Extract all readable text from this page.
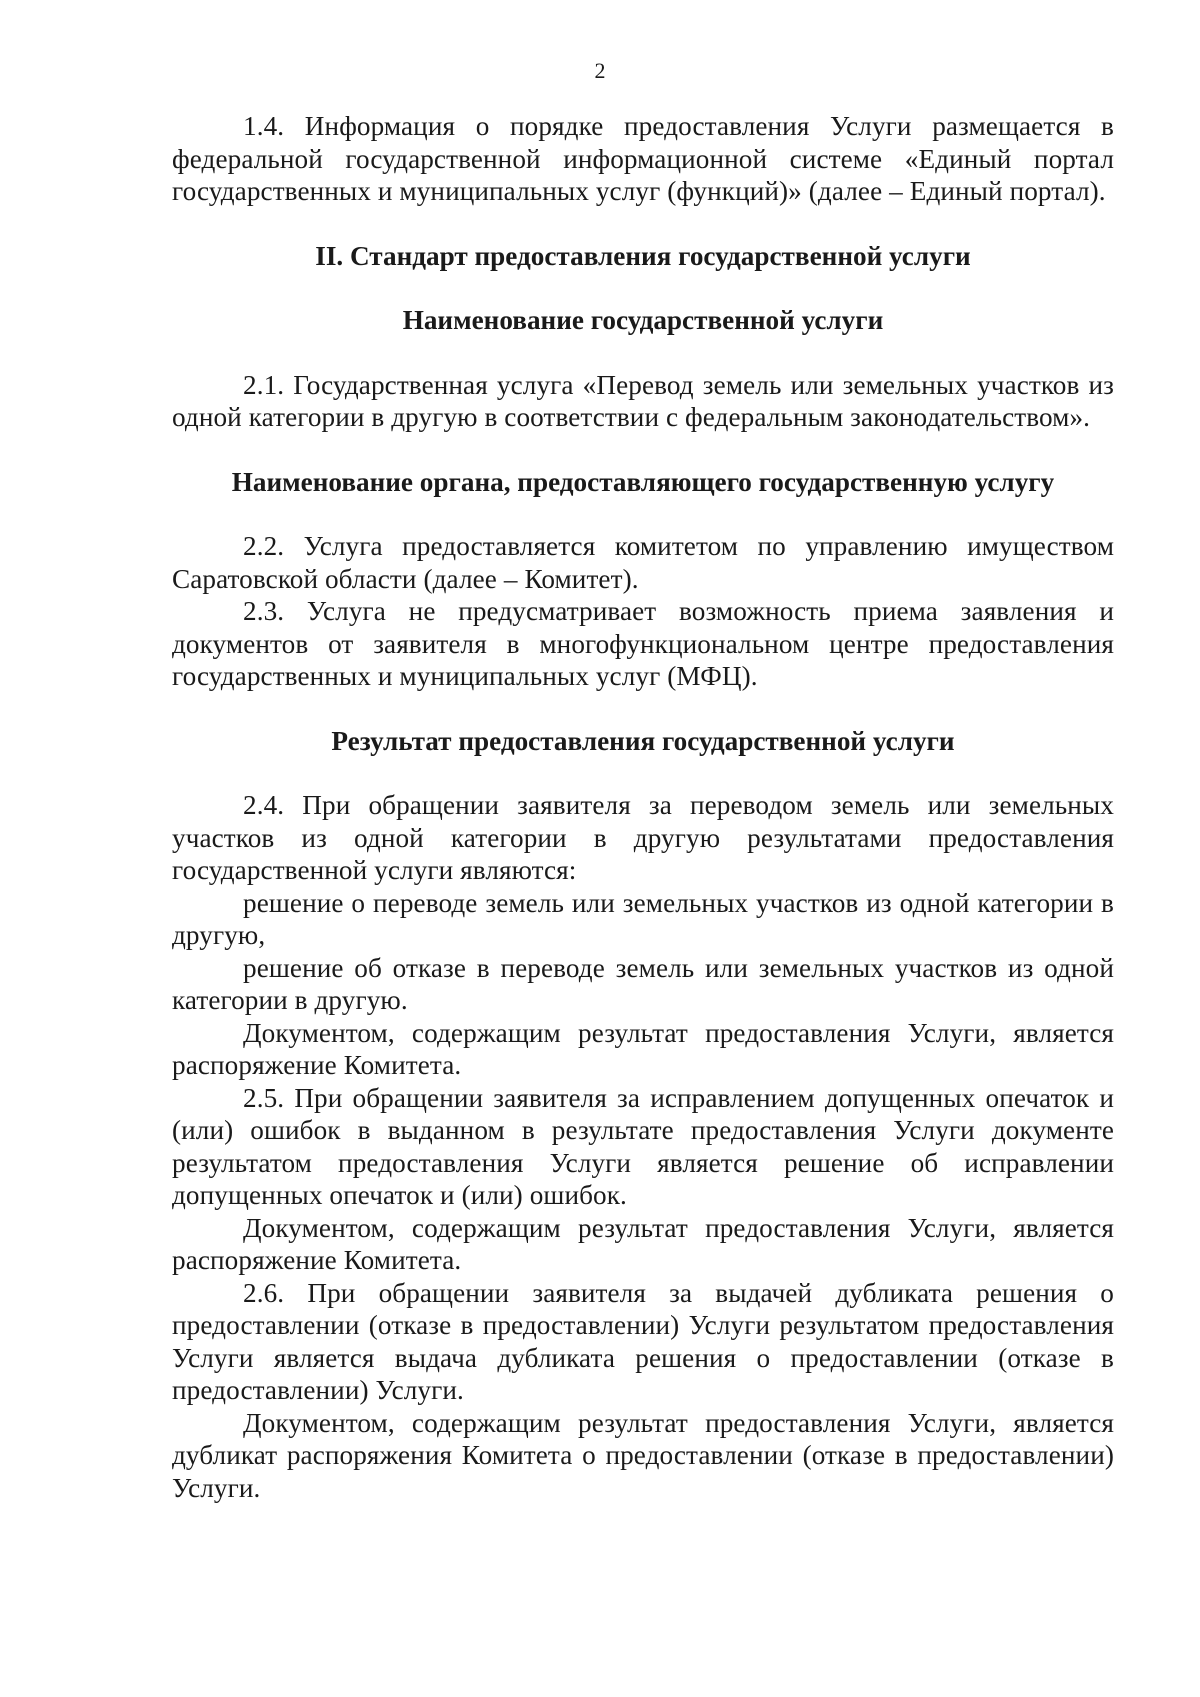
2

1.4. Информация о порядке предоставления Услуги размещается в федеральной государственной информационной системе «Единый портал государственных и муниципальных услуг (функций)» (далее – Единый портал).

II. Стандарт предоставления государственной услуги

Наименование государственной услуги

2.1. Государственная услуга «Перевод земель или земельных участков из одной категории в другую в соответствии с федеральным законодательством».

Наименование органа, предоставляющего государственную услугу

2.2. Услуга предоставляется комитетом по управлению имуществом Саратовской области (далее – Комитет).

2.3. Услуга не предусматривает возможность приема заявления и документов от заявителя в многофункциональном центре предоставления государственных и муниципальных услуг (МФЦ).

Результат предоставления государственной услуги

2.4. При обращении заявителя за переводом земель или земельных участков из одной категории в другую результатами предоставления государственной услуги являются:

решение о переводе земель или земельных участков из одной категории в другую,

решение об отказе в переводе земель или земельных участков из одной категории в другую.

Документом, содержащим результат предоставления Услуги, является распоряжение Комитета.

2.5. При обращении заявителя за исправлением допущенных опечаток и (или) ошибок в выданном в результате предоставления Услуги документе результатом предоставления Услуги является решение об исправлении допущенных опечаток и (или) ошибок.

Документом, содержащим результат предоставления Услуги, является распоряжение Комитета.

2.6. При обращении заявителя за выдачей дубликата решения о предоставлении (отказе в предоставлении) Услуги результатом предоставления Услуги является выдача дубликата решения о предоставлении (отказе в предоставлении) Услуги.

Документом, содержащим результат предоставления Услуги, является дубликат распоряжения Комитета о предоставлении (отказе в предоставлении) Услуги.
